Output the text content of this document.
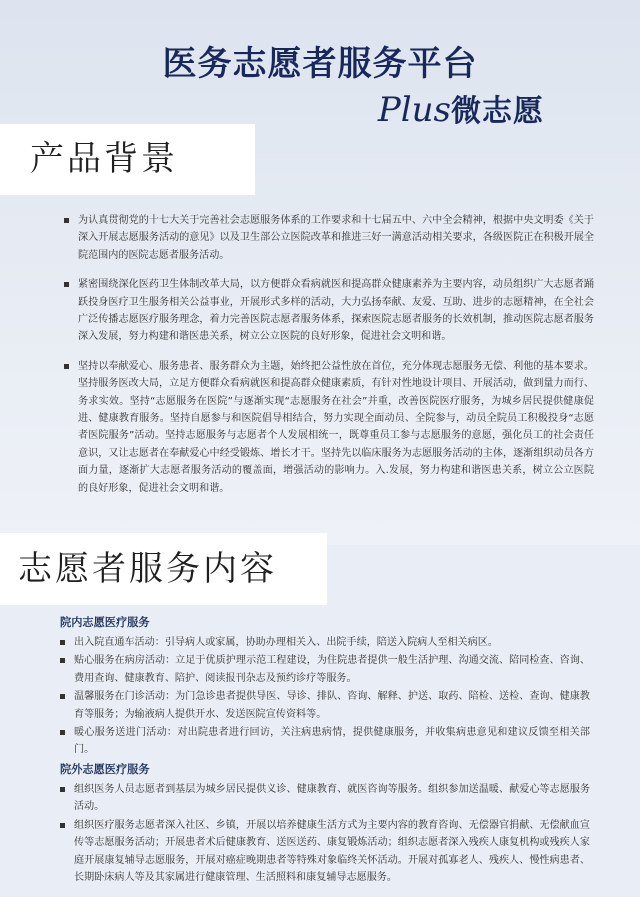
医务志愿者服务平台
Plus微志愿
产品背景
为认真贯彻党的十七大关于完善社会志愿服务体系的工作要求和十七届五中、六中全会精神，根据中央文明委《关于深入开展志愿服务活动的意见》以及卫生部公立医院改革和推进三好一满意活动相关要求，各级医院正在积极开展全院范围内的医院志愿者服务活动。
紧密围绕深化医药卫生体制改革大局，以方便群众看病就医和提高群众健康素养为主要内容，动员组织广大志愿者踊跃投身医疗卫生服务相关公益事业，开展形式多样的活动，大力弘扬奉献、友爱、互助、进步的志愿精神，在全社会广泛传播志愿医疗服务理念，着力完善医院志愿者服务体系，探索医院志愿者服务的长效机制，推动医院志愿者服务深入发展，努力构建和谐医患关系，树立公立医院的良好形象，促进社会文明和谐。
坚持以奉献爱心、服务患者、服务群众为主题，始终把公益性放在首位，充分体现志愿服务无偿、利他的基本要求。坚持服务医改大局，立足方便群众看病就医和提高群众健康素质，有针对性地设计项目、开展活动，做到量力而行、务求实效。坚持“志愿服务在医院”与逐渐实现“志愿服务在社会”并重，改善医院医疗服务，为城乡居民提供健康促进、健康教育服务。坚持自愿参与和医院倡导相结合，努力实现全面动员、全院参与，动员全院员工积极投身“志愿者医院服务”活动。坚持志愿服务与志愿者个人发展相统一，既尊重员工参与志愿服务的意愿，强化员工的社会责任意识，又让志愿者在奉献爱心中经受锻炼、增长才干。坚持先以临床服务为志愿服务活动的主体，逐渐组织动员各方面力量，逐渐扩大志愿者服务活动的覆盖面，增强活动的影响力。入.发展，努力构建和谐医患关系，树立公立医院的良好形象，促进社会文明和谐。
志愿者服务内容

院内志愿医疗服务

出入院直通车活动：引导病人或家属，协助办理相关入、出院手续，陪送入院病人至相关病区。
贴心服务在病房活动：立足于优质护理示范工程建设，为住院患者提供一般生活护理、沟通交流、陪同检查、咨询、费用查询、健康教育、陪护、阅读报刊杂志及预约诊疗等服务。
温馨服务在门诊活动：为门急诊患者提供导医、导诊、排队、咨询、解释、护送、取药、陪检、送检、查询、健康教育等服务；为输液病人提供开水、发送医院宣传资料等。
暖心服务送进门活动：对出院患者进行回访，关注病患病情，提供健康服务，并收集病患意见和建议反馈至相关部门。

院外志愿医疗服务

组织医务人员志愿者到基层为城乡居民提供义诊、健康教育、就医咨询等服务。组织参加送温暖、献爱心等志愿服务活动。
组织医疗服务志愿者深入社区、乡镇，开展以培养健康生活方式为主要内容的教育咨询、无偿器官捐献、无偿献血宣传等志愿服务活动；开展患者术后健康教育、送医送药、康复锻炼活动；组织志愿者深入残疾人康复机构或残疾人家庭开展康复辅导志愿服务，开展对癌症晚期患者等特殊对象临终关怀活动。开展对孤寡老人、残疾人、慢性病患者、长期卧床病人等及其家属进行健康管理、生活照料和康复辅导志愿服务。
